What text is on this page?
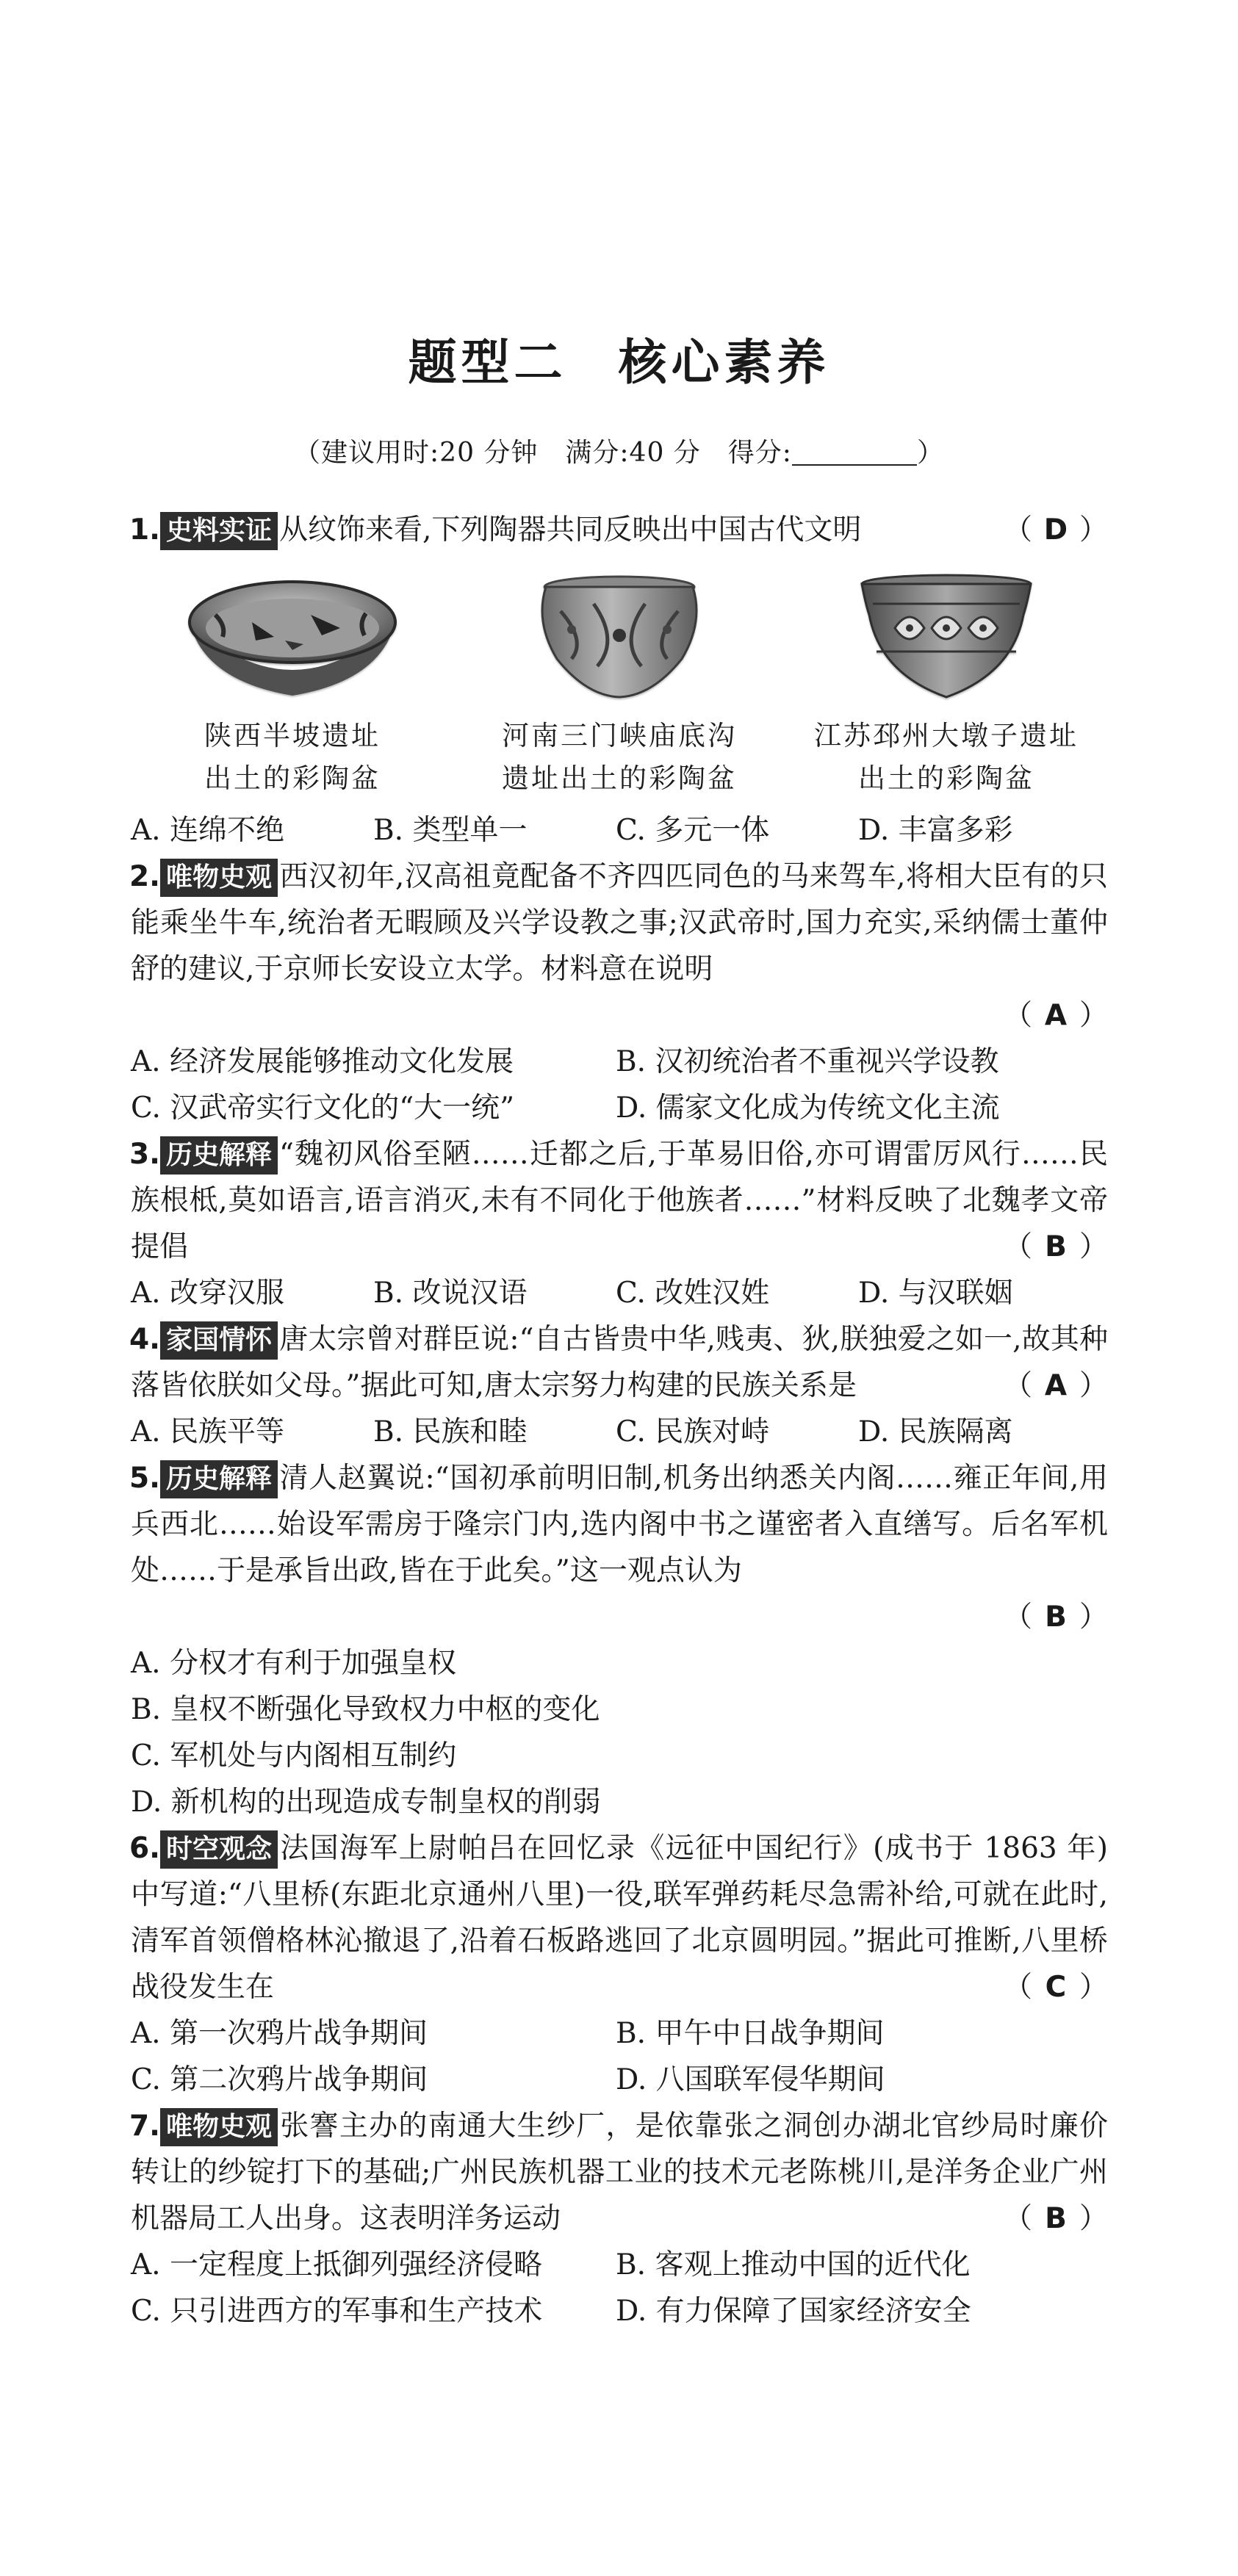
题型二 核心素养
（建议用时:20 分钟　满分:40 分　得分:	）
1. 史料实证 从纹饰来看,下列陶器共同反映出中国古代文明	（ D ）
陕西半坡遗址
出土的彩陶盆
河南三门峡庙底沟
遗址出土的彩陶盆
江苏邳州大墩子遗址
出土的彩陶盆
A. 连绵不绝	B. 类型单一	C. 多元一体	D. 丰富多彩
2. 唯物史观 西汉初年,汉高祖竟配备不齐四匹同色的马来驾车,将相大臣有的只能乘坐牛车,统治者无暇顾及兴学设教之事;汉武帝时,国力充实,采纳儒士董仲舒的建议,于京师长安设立太学。材料意在说明
（ A ）
A. 经济发展能够推动文化发展	B. 汉初统治者不重视兴学设教
C. 汉武帝实行文化的“大一统”	D. 儒家文化成为传统文化主流
3. 历史解释 “魏初风俗至陋……迁都之后,于革易旧俗,亦可谓雷厉风行……民族根柢,莫如语言,语言消灭,未有不同化于他族者……”材料反映了北魏孝文帝提倡	（ B ）
A. 改穿汉服	B. 改说汉语	C. 改姓汉姓	D. 与汉联姻
4. 家国情怀 唐太宗曾对群臣说:“自古皆贵中华,贱夷、狄,朕独爱之如一,故其种落皆依朕如父母。”据此可知,唐太宗努力构建的民族关系是	（ A ）
A. 民族平等	B. 民族和睦	C. 民族对峙	D. 民族隔离
5. 历史解释 清人赵翼说:“国初承前明旧制,机务出纳悉关内阁……雍正年间,用兵西北……始设军需房于隆宗门内,选内阁中书之谨密者入直缮写。后名军机处……于是承旨出政,皆在于此矣。”这一观点认为
（ B ）
A. 分权才有利于加强皇权
B. 皇权不断强化导致权力中枢的变化
C. 军机处与内阁相互制约
D. 新机构的出现造成专制皇权的削弱
6. 时空观念 法国海军上尉帕吕在回忆录《远征中国纪行》(成书于 1863 年)中写道:“八里桥(东距北京通州八里)一役,联军弹药耗尽急需补给,可就在此时,清军首领僧格林沁撤退了,沿着石板路逃回了北京圆明园。”据此可推断,八里桥战役发生在	（ C ）
A. 第一次鸦片战争期间	B. 甲午中日战争期间
C. 第二次鸦片战争期间	D. 八国联军侵华期间
7. 唯物史观 张謇主办的南通大生纱厂，是依靠张之洞创办湖北官纱局时廉价转让的纱锭打下的基础;广州民族机器工业的技术元老陈桃川,是洋务企业广州机器局工人出身。这表明洋务运动	（ B ）
A. 一定程度上抵御列强经济侵略	B. 客观上推动中国的近代化
C. 只引进西方的军事和生产技术	D. 有力保障了国家经济安全
